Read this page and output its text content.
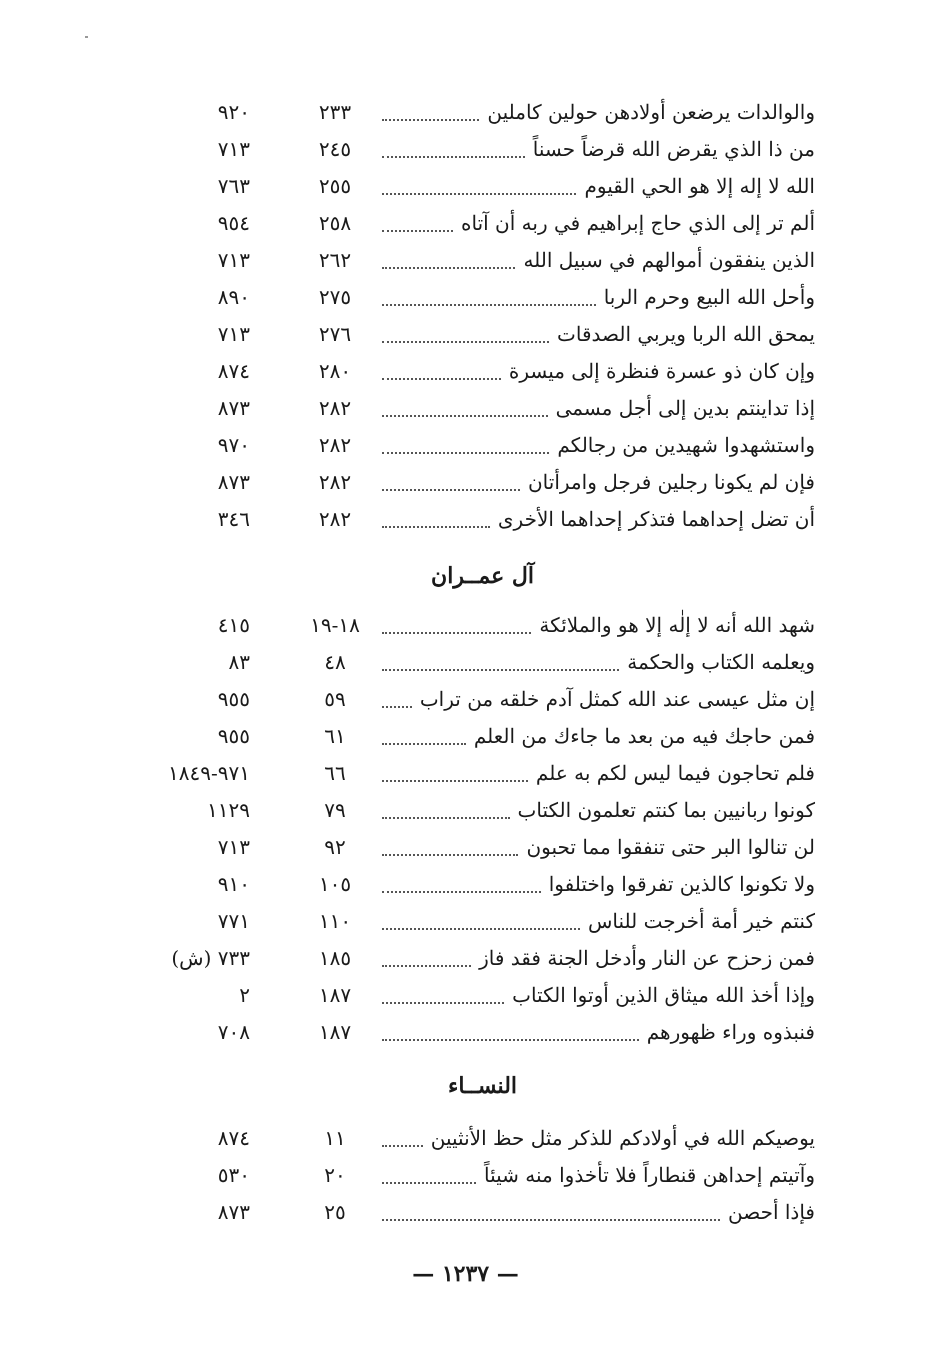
والوالدات يرضعن أولادهن حولين كاملين
٢٣٣
٩٢٠
من ذا الذي يقرض الله قرضاً حسناً
٢٤٥
٧١٣
الله لا إله إلا هو الحي القيوم
٢٥٥
٧٦٣
ألم تر إلى الذي حاج إبراهيم في ربه أن آتاه
٢٥٨
٩٥٤
الذين ينفقون أموالهم في سبيل الله
٢٦٢
٧١٣
وأحل الله البيع وحرم الربا
٢٧٥
٨٩٠
يمحق الله الربا ويربي الصدقات
٢٧٦
٧١٣
وإن كان ذو عسرة فنظرة إلى ميسرة
٢٨٠
٨٧٤
إذا تداينتم بدين إلى أجل مسمى
٢٨٢
٨٧٣
واستشهدوا شهيدين من رجالكم
٢٨٢
٩٧٠
فإن لم يكونا رجلين فرجل وامرأتان
٢٨٢
٨٧٣
أن تضل إحداهما فتذكر إحداهما الأخرى
٢٨٢
٣٤٦
آل عمــران
شهد الله أنه لا إلٰه إلا هو والملائكة
١٨-١٩
٤١٥
ويعلمه الكتاب والحكمة
٤٨
٨٣
إن مثل عيسى عند الله كمثل آدم خلقه من تراب
٥٩
٩٥٥
فمن حاجك فيه من بعد ما جاءك من العلم
٦١
٩٥٥
فلم تحاجون فيما ليس لكم به علم
٦٦
٩٧١-١٨٤٩
كونوا ربانيين بما كنتم تعلمون الكتاب
٧٩
١١٢٩
لن تنالوا البر حتى تنفقوا مما تحبون
٩٢
٧١٣
ولا تكونوا كالذين تفرقوا واختلفوا
١٠٥
٩١٠
كنتم خير أمة أخرجت للناس
١١٠
٧٧١
فمن زحزح عن النار وأدخل الجنة فقد فاز
١٨٥
٧٣٣ (ش)
وإذا أخذ الله ميثاق الذين أوتوا الكتاب
١٨٧
٢
فنبذوه وراء ظهورهم
١٨٧
٧٠٨
النســاء
يوصيكم الله في أولادكم للذكر مثل حظ الأنثيين
١١
٨٧٤
وآتيتم إحداهن قنطاراً فلا تأخذوا منه شيئاً
٢٠
٥٣٠
فإذا أحصن
٢٥
٨٧٣
— ١٢٣٧ —
